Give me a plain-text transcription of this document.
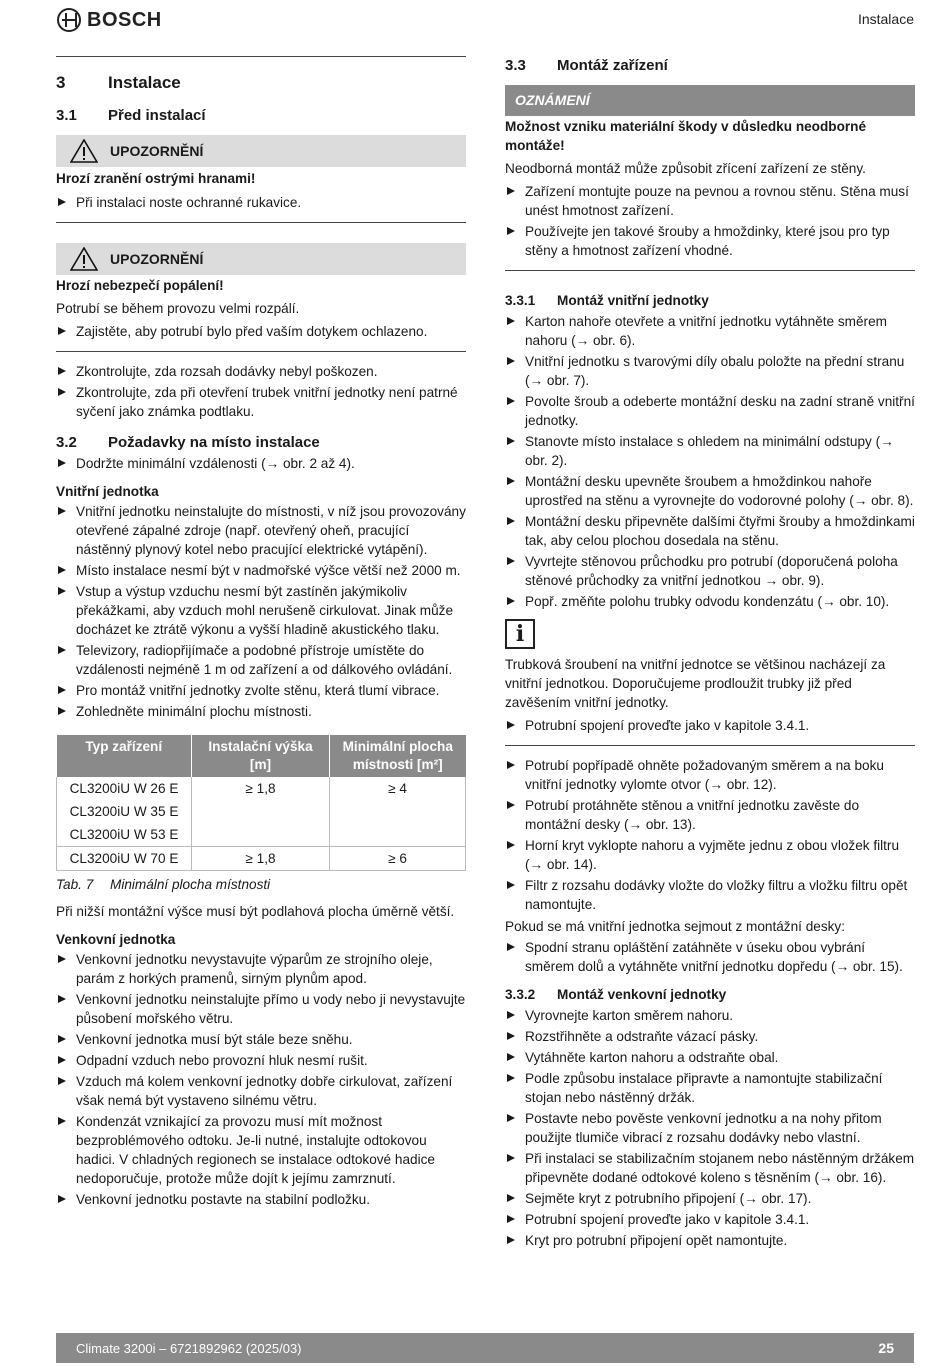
BOSCH	Instalace
3	Instalace
3.1	Před instalací
UPOZORNĚNÍ

Hrozí zranění ostrými hranami!

Při instalaci noste ochranné rukavice.
UPOZORNĚNÍ

Hrozí nebezpečí popálení!

Potrubí se během provozu velmi rozpálí.

Zajistěte, aby potrubí bylo před vaším dotykem ochlazeno.
Zkontrolujte, zda rozsah dodávky nebyl poškozen.
Zkontrolujte, zda při otevření trubek vnitřní jednotky není patrné syčení jako známka podtlaku.
3.2	Požadavky na místo instalace
Dodržte minimální vzdálenosti (→ obr. 2 až 4).

Vnitřní jednotka

Vnitřní jednotku neinstalujte do místnosti, v níž jsou provozovány otevřené zápalné zdroje (např. otevřený oheň, pracující nástěnný plynový kotel nebo pracující elektrické vytápění).
Místo instalace nesmí být v nadmořské výšce větší než 2000 m.
Vstup a výstup vzduchu nesmí být zastíněn jakýmikoliv překážkami, aby vzduch mohl nerušeně cirkulovat. Jinak může docházet ke ztrátě výkonu a vyšší hladině akustického tlaku.
Televizory, radiopřijímače a podobné přístroje umístěte do vzdálenosti nejméně 1 m od zařízení a od dálkového ovládání.
Pro montáž vnitřní jednotky zvolte stěnu, která tlumí vibrace.
Zohledněte minimální plochu místnosti.
Typ zařízení	Instalační výška [m]	Minimální plocha místnosti [m²]
CL3200iU W 26 E	≥ 1,8	≥ 4
CL3200iU W 35 E		
CL3200iU W 53 E		
CL3200iU W 70 E	≥ 1,8	≥ 6
Tab. 7	Minimální plocha místnosti

Při nižší montážní výšce musí být podlahová plocha úměrně větší.

Venkovní jednotka

Venkovní jednotku nevystavujte výparům ze strojního oleje, parám z horkých pramenů, sirným plynům apod.
Venkovní jednotku neinstalujte přímo u vody nebo ji nevystavujte působení mořského větru.
Venkovní jednotka musí být stále beze sněhu.
Odpadní vzduch nebo provozní hluk nesmí rušit.
Vzduch má kolem venkovní jednotky dobře cirkulovat, zařízení však nemá být vystaveno silnému větru.
Kondenzát vznikající za provozu musí mít možnost bezproblémového odtoku. Je-li nutné, instalujte odtokovou hadici. V chladných regionech se instalace odtokové hadice nedoporučuje, protože může dojít k jejímu zamrznutí.
Venkovní jednotku postavte na stabilní podložku.
3.3	Montáž zařízení
OZNÁMENÍ

Možnost vzniku materiální škody v důsledku neodborné montáže!

Neodborná montáž může způsobit zřícení zařízení ze stěny.

Zařízení montujte pouze na pevnou a rovnou stěnu. Stěna musí unést hmotnost zařízení.
Používejte jen takové šrouby a hmoždinky, které jsou pro typ stěny a hmotnost zařízení vhodné.
3.3.1	Montáž vnitřní jednotky
Karton nahoře otevřete a vnitřní jednotku vytáhněte směrem nahoru (→ obr. 6).
Vnitřní jednotku s tvarovými díly obalu položte na přední stranu (→ obr. 7).
Povolte šroub a odeberte montážní desku na zadní straně vnitřní jednotky.
Stanovte místo instalace s ohledem na minimální odstupy (→ obr. 2).
Montážní desku upevněte šroubem a hmoždinkou nahoře uprostřed na stěnu a vyrovnejte do vodorovné polohy (→ obr. 8).
Montážní desku připevněte dalšími čtyřmi šrouby a hmoždinkami tak, aby celou plochou dosedala na stěnu.
Vyvrtejte stěnovou průchodku pro potrubí (doporučená poloha stěnové průchodky za vnitřní jednotkou → obr. 9).
Popř. změňte polohu trubky odvodu kondenzátu (→ obr. 10).
i

Trubková šroubení na vnitřní jednotce se většinou nacházejí za vnitřní jednotkou. Doporučujeme prodloužit trubky již před zavěšením vnitřní jednotky.

Potrubní spojení proveďte jako v kapitole 3.4.1.
Potrubí popřípadě ohněte požadovaným směrem a na boku vnitřní jednotky vylomte otvor (→ obr. 12).
Potrubí protáhněte stěnou a vnitřní jednotku zavěste do montážní desky (→ obr. 13).
Horní kryt vyklopte nahoru a vyjměte jednu z obou vložek filtru (→ obr. 14).
Filtr z rozsahu dodávky vložte do vložky filtru a vložku filtru opět namontujte.

Pokud se má vnitřní jednotka sejmout z montážní desky:

Spodní stranu opláštění zatáhněte v úseku obou vybrání směrem dolů a vytáhněte vnitřní jednotku dopředu (→ obr. 15).
3.3.2	Montáž venkovní jednotky
Vyrovnejte karton směrem nahoru.
Rozstřihněte a odstraňte vázací pásky.
Vytáhněte karton nahoru a odstraňte obal.
Podle způsobu instalace připravte a namontujte stabilizační stojan nebo nástěnný držák.
Postavte nebo pověste venkovní jednotku a na nohy přitom použijte tlumiče vibrací z rozsahu dodávky nebo vlastní.
Při instalaci se stabilizačním stojanem nebo nástěnným držákem připevněte dodané odtokové koleno s těsněním (→ obr. 16).
Sejměte kryt z potrubního připojení (→ obr. 17).
Potrubní spojení proveďte jako v kapitole 3.4.1.
Kryt pro potrubní připojení opět namontujte.
Climate 3200i – 6721892962 (2025/03)	25
